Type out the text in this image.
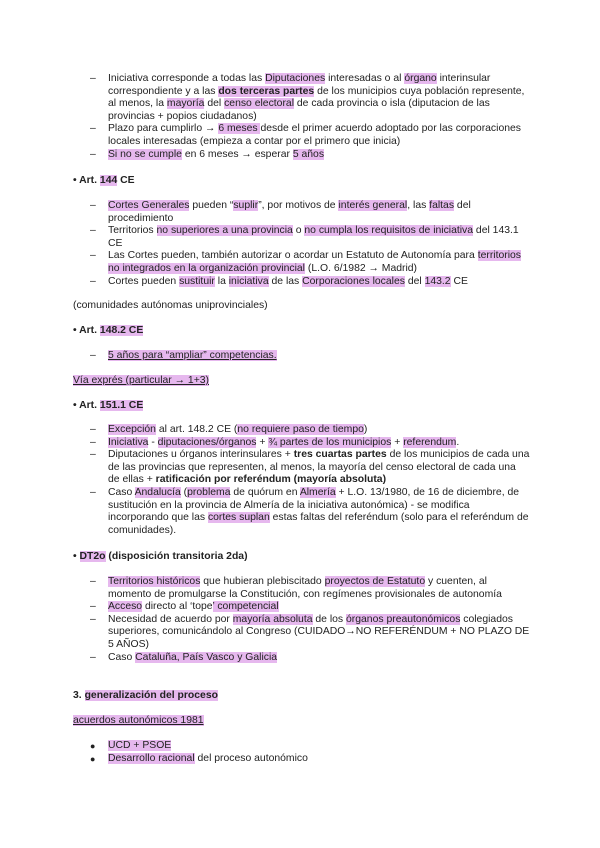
– Iniciativa corresponde a todas las Diputaciones interesadas o al órgano interinsular correspondiente y a las dos terceras partes de los municipios cuya población represente, al menos, la mayoría del censo electoral de cada provincia o isla (diputacion de las provincias + popios ciudadanos)
– Plazo para cumplirlo → 6 meses desde el primer acuerdo adoptado por las corporaciones locales interesadas (empieza a contar por el primero que inicia)
– Si no se cumple en 6 meses → esperar 5 años
• Art. 144 CE
– Cortes Generales pueden “suplir”, por motivos de interés general, las faltas del procedimiento
– Territorios no superiores a una provincia o no cumpla los requisitos de iniciativa del 143.1 CE
– Las Cortes pueden, también autorizar o acordar un Estatuto de Autonomía para territorios no integrados en la organización provincial (L.O. 6/1982 → Madrid)
– Cortes pueden sustituir la iniciativa de las Corporaciones locales del 143.2 CE
(comunidades autónomas uniprovinciales)
• Art. 148.2 CE
– 5 años para “ampliar” competencias.
Vía exprés (particular → 1+3)
• Art. 151.1 CE
– Excepción al art. 148.2 CE (no requiere paso de tiempo)
– Iniciativa - diputaciones/órganos + ¾ partes de los municipios + referendum.
– Diputaciones u órganos interinsulares + tres cuartas partes de los municipios de cada una de las provincias que representen, al menos, la mayoría del censo electoral de cada una de ellas + ratificación por referéndum (mayoría absoluta)
– Caso Andalucía (problema de quórum en Almería + L.O. 13/1980, de 16 de diciembre, de sustitución en la provincia de Almería de la iniciativa autonómica) - se modifica incorporando que las cortes suplan estas faltas del referéndum (solo para el referéndum de comunidades).
• DT2o (disposición transitoria 2da)
– Territorios históricos que hubieran plebiscitado proyectos de Estatuto y cuenten, al momento de promulgarse la Constitución, con regímenes provisionales de autonomía
– Acceso directo al ‘tope’ competencial
– Necesidad de acuerdo por mayoría absoluta de los órganos preautonómicos colegiados superiores, comunicándolo al Congreso (CUIDADO→NO REFERÉNDUM + NO PLAZO DE 5 AÑOS)
– Caso Cataluña, País Vasco y Galicia
3. generalización del proceso
acuerdos autonómicos 1981
● UCD + PSOE
● Desarrollo racional del proceso autonómico
